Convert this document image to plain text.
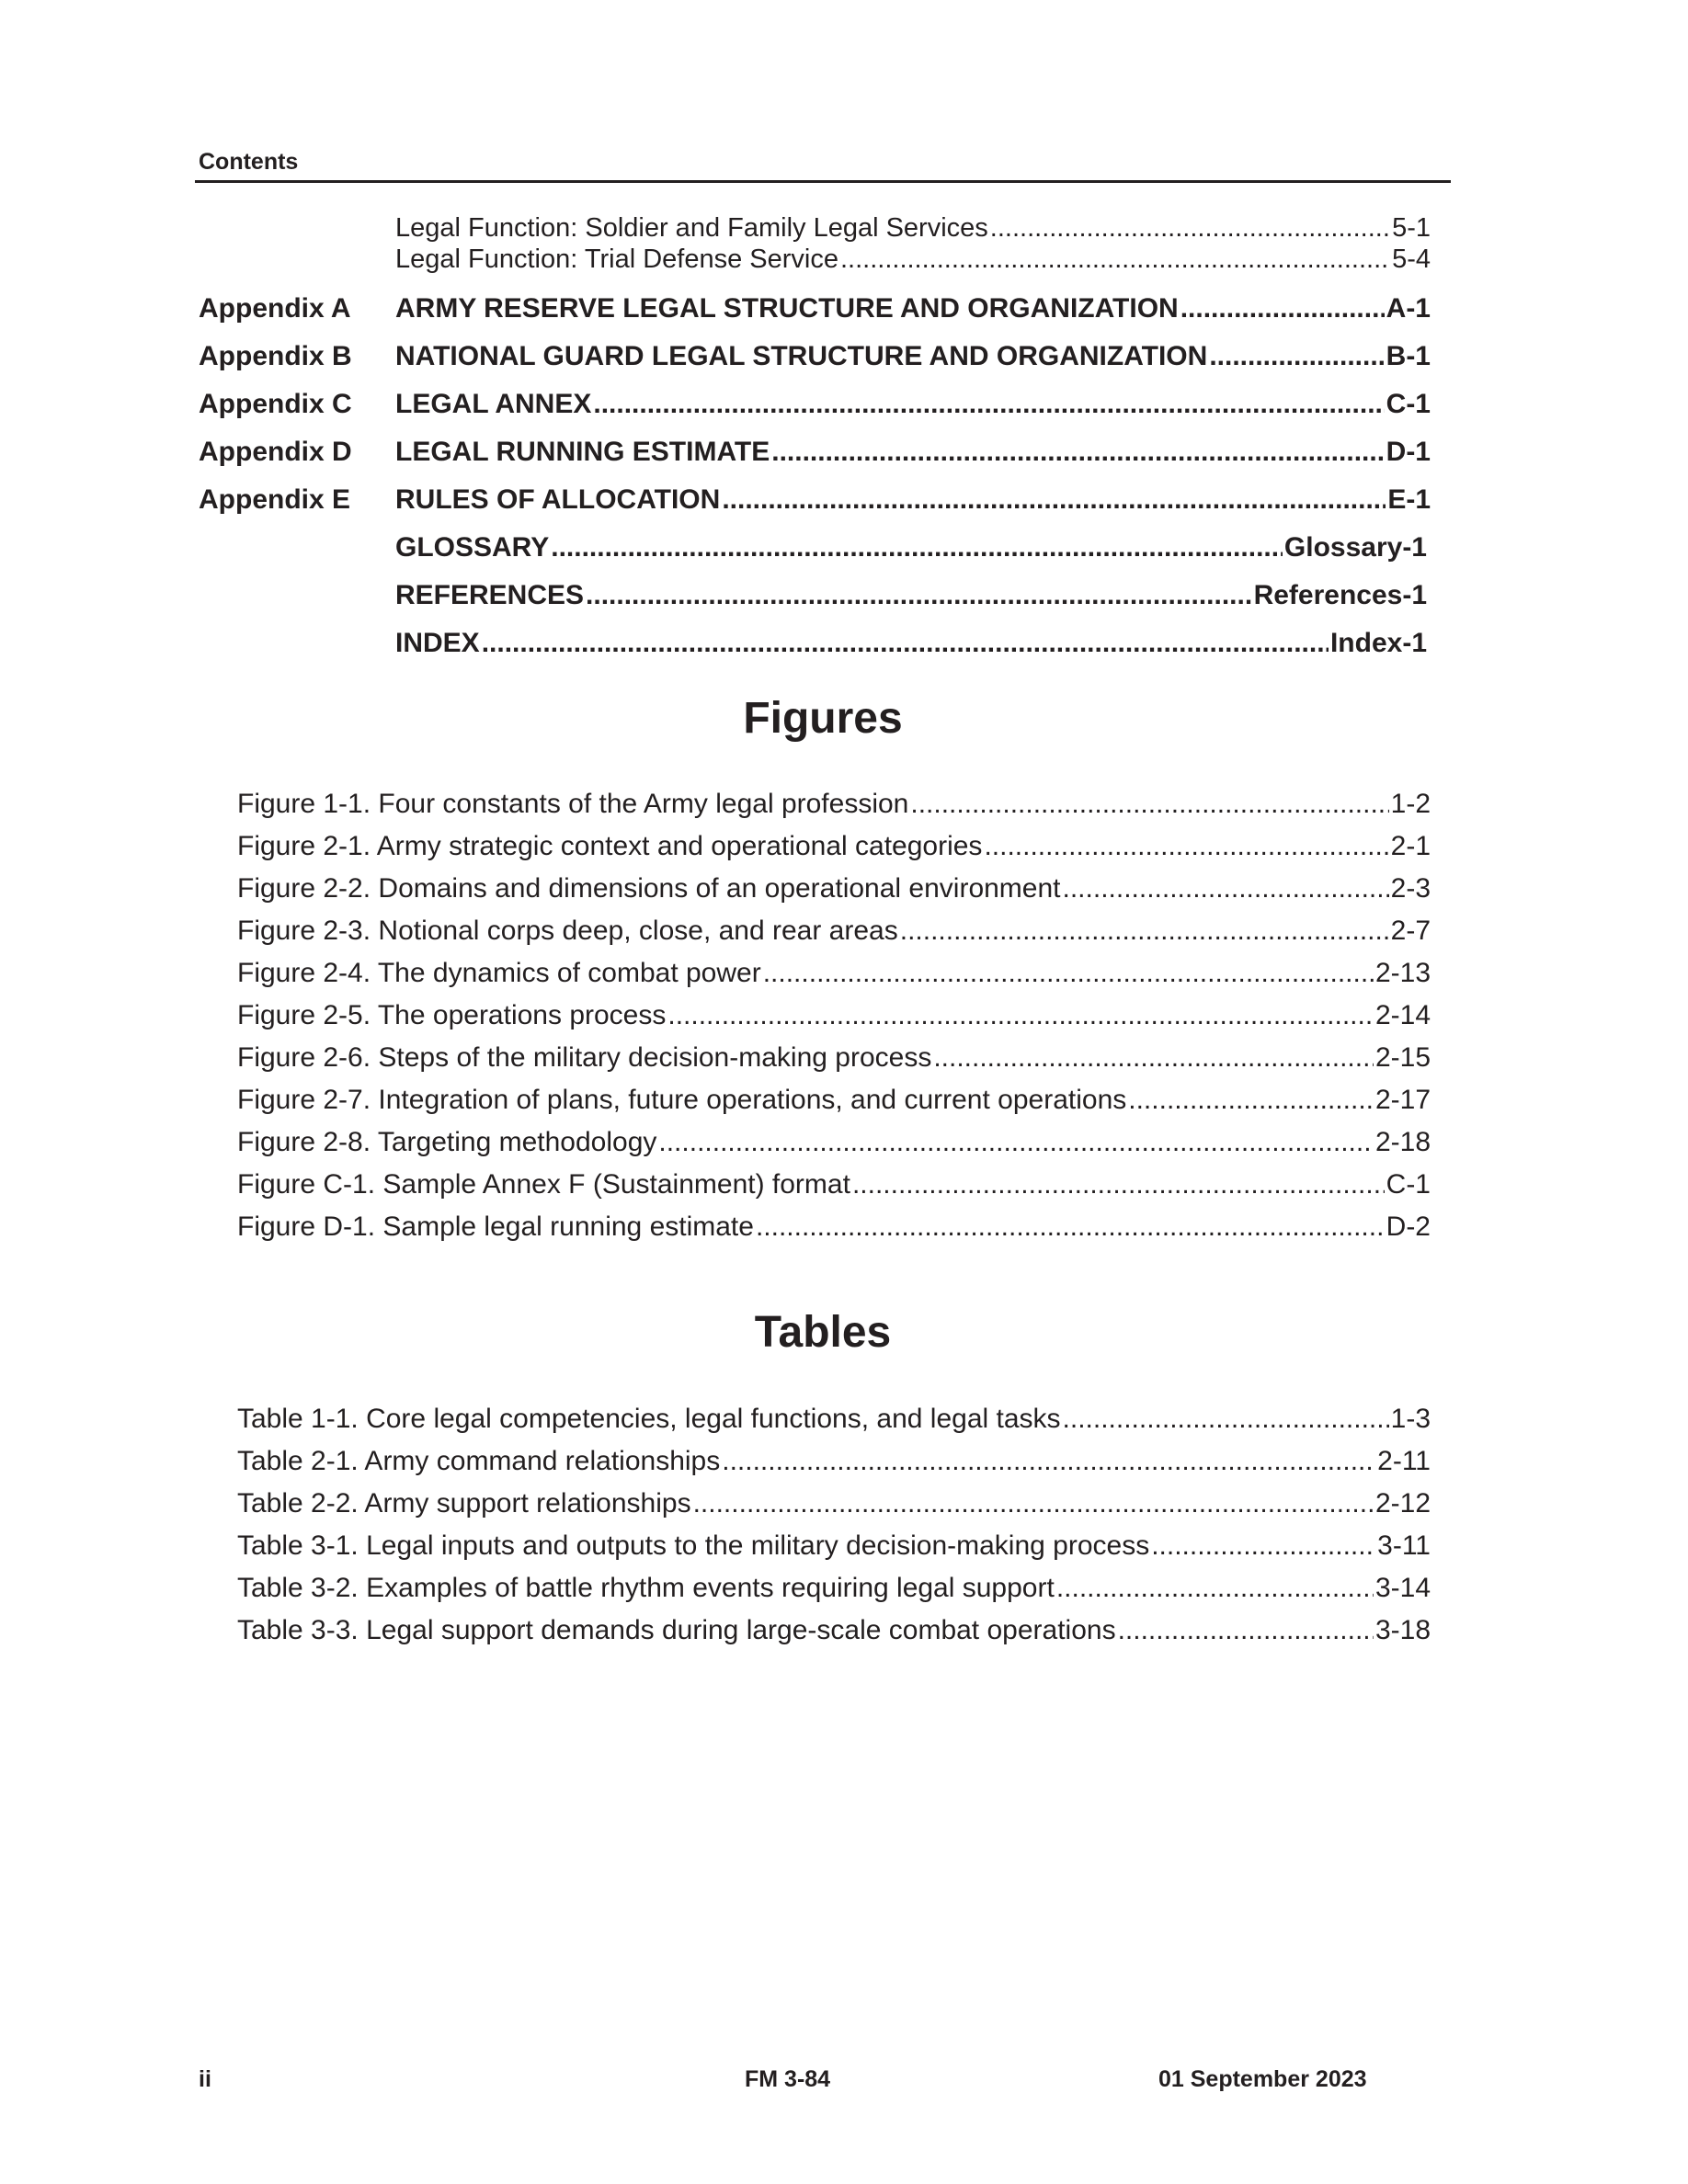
Contents
Legal Function: Soldier and Family Legal Services .....	5-1
Legal Function: Trial Defense Service .....	5-4
Appendix A ARMY RESERVE LEGAL STRUCTURE AND ORGANIZATION .....	A-1
Appendix B NATIONAL GUARD LEGAL STRUCTURE AND ORGANIZATION .....	B-1
Appendix C LEGAL ANNEX .....	C-1
Appendix D LEGAL RUNNING ESTIMATE .....	D-1
Appendix E RULES OF ALLOCATION .....	E-1
GLOSSARY .....	Glossary-1
REFERENCES .....	References-1
INDEX .....	Index-1
Figures
Figure 1-1. Four constants of the Army legal profession .....	1-2
Figure 2-1. Army strategic context and operational categories .....	2-1
Figure 2-2. Domains and dimensions of an operational environment .....	2-3
Figure 2-3. Notional corps deep, close, and rear areas .....	2-7
Figure 2-4. The dynamics of combat power .....	2-13
Figure 2-5. The operations process .....	2-14
Figure 2-6. Steps of the military decision-making process .....	2-15
Figure 2-7. Integration of plans, future operations, and current operations .....	2-17
Figure 2-8. Targeting methodology .....	2-18
Figure C-1. Sample Annex F (Sustainment) format .....	C-1
Figure D-1. Sample legal running estimate .....	D-2
Tables
Table 1-1. Core legal competencies, legal functions, and legal tasks .....	1-3
Table 2-1. Army command relationships .....	2-11
Table 2-2. Army support relationships .....	2-12
Table 3-1. Legal inputs and outputs to the military decision-making process .....	3-11
Table 3-2. Examples of battle rhythm events requiring legal support .....	3-14
Table 3-3. Legal support demands during large-scale combat operations .....	3-18
ii	FM 3-84	01 September 2023
